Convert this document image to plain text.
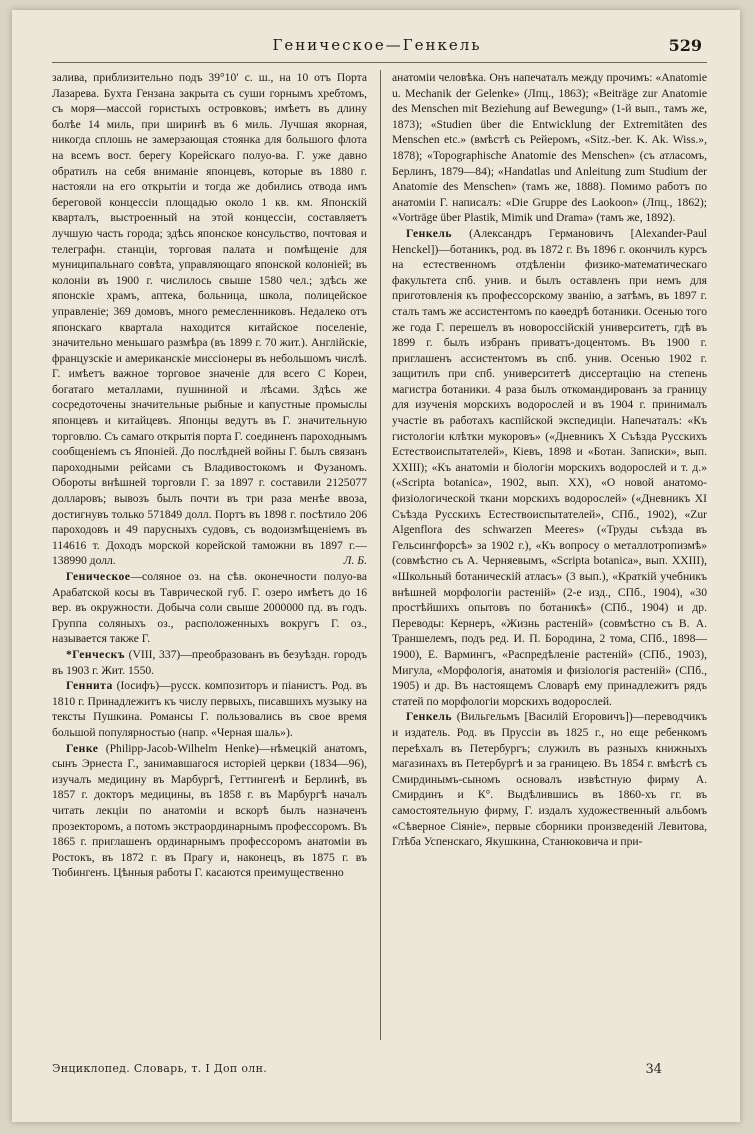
Геническое—Генкель	529

залива, приблизительно подъ 39°10′ с. ш., на 10 отъ Порта Лазарева. Бухта Гензана закрыта съ суши горнымъ хребтомъ, съ моря—массой гористыхъ островковъ; имѣетъ въ длину болѣе 14 миль, при ширинѣ въ 6 миль. Лучшая якорная, никогда сплошь не замерзающая стоянка для большого флота на всемъ вост. берегу Корейскаго полуо-ва. Г. уже давно обратилъ на себя вниманіе японцевъ, которые въ 1880 г. настояли на его открытіи и тогда же добились отвода имъ береговой концессіи площадью около 1 кв. км. Японскій кварталъ, выстроенный на этой концессіи, составляетъ лучшую часть города; здѣсь японское консульство, почтовая и телеграфн. станціи, торговая палата и помѣщеніе для муниципальнаго совѣта, управляющаго японской колоніей; въ колоніи въ 1900 г. числилось свыше 1580 чел.; здѣсь же японскіе храмъ, аптека, больница, школа, полицейское управленіе; 369 домовъ, много ремесленниковъ. Недалеко отъ японскаго квартала находится китайское поселеніе, значительно меньшаго размѣра (въ 1899 г. 70 жит.). Англійскіе, французскіе и американскіе миссіонеры въ небольшомъ числѣ. Г. имѣетъ важное торговое значеніе для всего С Кореи, богатаго металлами, пушниной и лѣсами. Здѣсь же сосредоточены значительные рыбные и капустные промыслы японцевъ и китайцевъ. Японцы ведутъ въ Г. значительную торговлю. Съ самаго открытія порта Г. соединенъ пароходнымъ сообщеніемъ съ Японіей. До послѣдней войны Г. былъ связанъ пароходными рейсами съ Владивостокомъ и Фузаномъ. Обороты внѣшней торговли Г. за 1897 г. составили 2125077 долларовъ; вывозъ былъ почти въ три раза менѣе ввоза, достигнувъ только 571849 долл. Портъ въ 1898 г. посѣтило 206 пароходовъ и 49 парусныхъ судовъ, съ водоизмѣщеніемъ въ 114616 т. Доходъ морской корейской таможни въ 1897 г.—138990 долл.	Л. Б.

Геническое—соляное оз. на сѣв. оконечности полуо-ва Арабатской косы въ Таврической губ. Г. озеро имѣетъ до 16 вер. въ окружности. Добыча соли свыше 2000000 пд. въ годъ. Группа соляныхъ оз., расположенныхъ вокругъ Г. оз., называется также Г.

*Генческъ (VIII, 337)—преобразованъ въ безуѣздн. городъ въ 1903 г. Жит. 1550.

Геннита (Іосифъ)—русск. композиторъ и піанистъ. Род. въ 1810 г. Принадлежитъ къ числу первыхъ, писавшихъ музыку на тексты Пушкина. Романсы Г. пользовались въ свое время большой популярностью (напр. «Черная шаль»).

Генке (Philipp-Jacob-Wilhelm Henke)—нѣмецкій анатомъ, сынъ Эрнеста Г., занимавшагося исторіей церкви (1834—96), изучалъ медицину въ Марбургѣ, Геттингенѣ и Берлинѣ, въ 1857 г. докторъ медицины, въ 1858 г. въ Марбургѣ началъ читать лекціи по анатоміи и вскорѣ былъ назначенъ прозекторомъ, а потомъ экстраординарнымъ профессоромъ. Въ 1865 г. приглашенъ ординарнымъ профессоромъ анатоміи въ Ростокъ, въ 1872 г. въ Прагу и, наконецъ, въ 1875 г. въ Тюбингенъ. Цѣнныя работы Г. касаются преимущественно

анатоміи человѣка. Онъ напечаталъ между прочимъ: «Anatomie u. Mechanik der Gelenke» (Лпц., 1863); «Beiträge zur Anatomie des Menschen mit Beziehung auf Bewegung» (1-й вып., тамъ же, 1873); «Studien über die Entwicklung der Extremitäten des Menschen etc.» (вмѣстѣ съ Рейеромъ, «Sitz.-ber. K. Ak. Wiss.», 1878); «Topographische Anatomie des Menschen» (съ атласомъ, Берлинъ, 1879—84); «Handatlas und Anleitung zum Studium der Anatomie des Menschen» (тамъ же, 1888). Помимо работъ по анатоміи Г. написалъ: «Die Gruppe des Laokoon» (Лпц., 1862); «Vorträge über Plastik, Mimik und Drama» (тамъ же, 1892).

Генкель (Александръ Германовичъ [Alexander-Paul Henckel])—ботаникъ, род. въ 1872 г. Въ 1896 г. окончилъ курсъ на естественномъ отдѣленіи физико-математическаго факультета спб. унив. и былъ оставленъ при немъ для приготовленія къ профессорскому званію, а затѣмъ, въ 1897 г. сталъ тамъ же ассистентомъ по каѳедрѣ ботаники. Осенью того же года Г. перешелъ въ новороссійскій университетъ, гдѣ въ 1899 г. былъ избранъ приватъ-доцентомъ. Въ 1900 г. приглашенъ ассистентомъ въ спб. унив. Осенью 1902 г. защитилъ при спб. университетѣ диссертацію на степень магистра ботаники. 4 раза былъ откомандированъ за границу для изученія морскихъ водорослей и въ 1904 г. принималъ участіе въ работахъ каспійской экспедиціи. Напечаталъ: «Къ гистологіи клѣтки мукоровъ» («Дневникъ X Съѣзда Русскихъ Естествоиспытателей», Кіевъ, 1898 и «Ботан. Записки», вып. XXIII); «Къ анатоміи и біологіи морскихъ водорослей и т. д.» («Scripta botanica», 1902, вып. XX), «О новой анатомо-физіологической ткани морскихъ водорослей» («Дневникъ XI Съѣзда Русскихъ Естествоиспытателей», СПб., 1902), «Zur Algenflora des schwarzen Meeres» («Труды съѣзда въ Гельсингфорсѣ» за 1902 г.), «Къ вопросу о металлотропизмѣ» (совмѣстно съ А. Черняевымъ, «Scripta botanica», вып. XXIII), «Школьный ботаническій атласъ» (3 вып.), «Краткій учебникъ внѣшней морфологіи растеній» (2-е изд., СПб., 1904), «30 простѣйшихъ опытовъ по ботаникѣ» (СПб., 1904) и др. Переводы: Кернеръ, «Жизнь растеній» (совмѣстно съ В. А. Траншелемъ, подъ ред. И. П. Бородина, 2 тома, СПб., 1898—1900), Е. Вармингъ, «Распредѣленіе растеній» (СПб., 1903), Мигула, «Морфологія, анатомія и физіологія растеній» (СПб., 1905) и др. Въ настоящемъ Словарѣ ему принадлежитъ рядъ статей по морфологіи морскихъ водорослей.

Генкель (Вильгельмъ [Василій Егоровичъ])—переводчикъ и издатель. Род. въ Пруссіи въ 1825 г., но еще ребенкомъ переѣхалъ въ Петербургъ; служилъ въ разныхъ книжныхъ магазинахъ въ Петербургѣ и за границею. Въ 1854 г. вмѣстѣ съ Смирдинымъ-сыномъ основалъ извѣстную фирму А. Смирдинъ и К°. Выдѣлившись въ 1860-хъ гг. въ самостоятельную фирму, Г. издалъ художественный альбомъ «Сѣверное Сіяніе», первые сборники произведеній Левитова, Глѣба Успенскаго, Якушкина, Станюковича и при-

Энциклопед. Словарь, т. I Доп олн.	34
